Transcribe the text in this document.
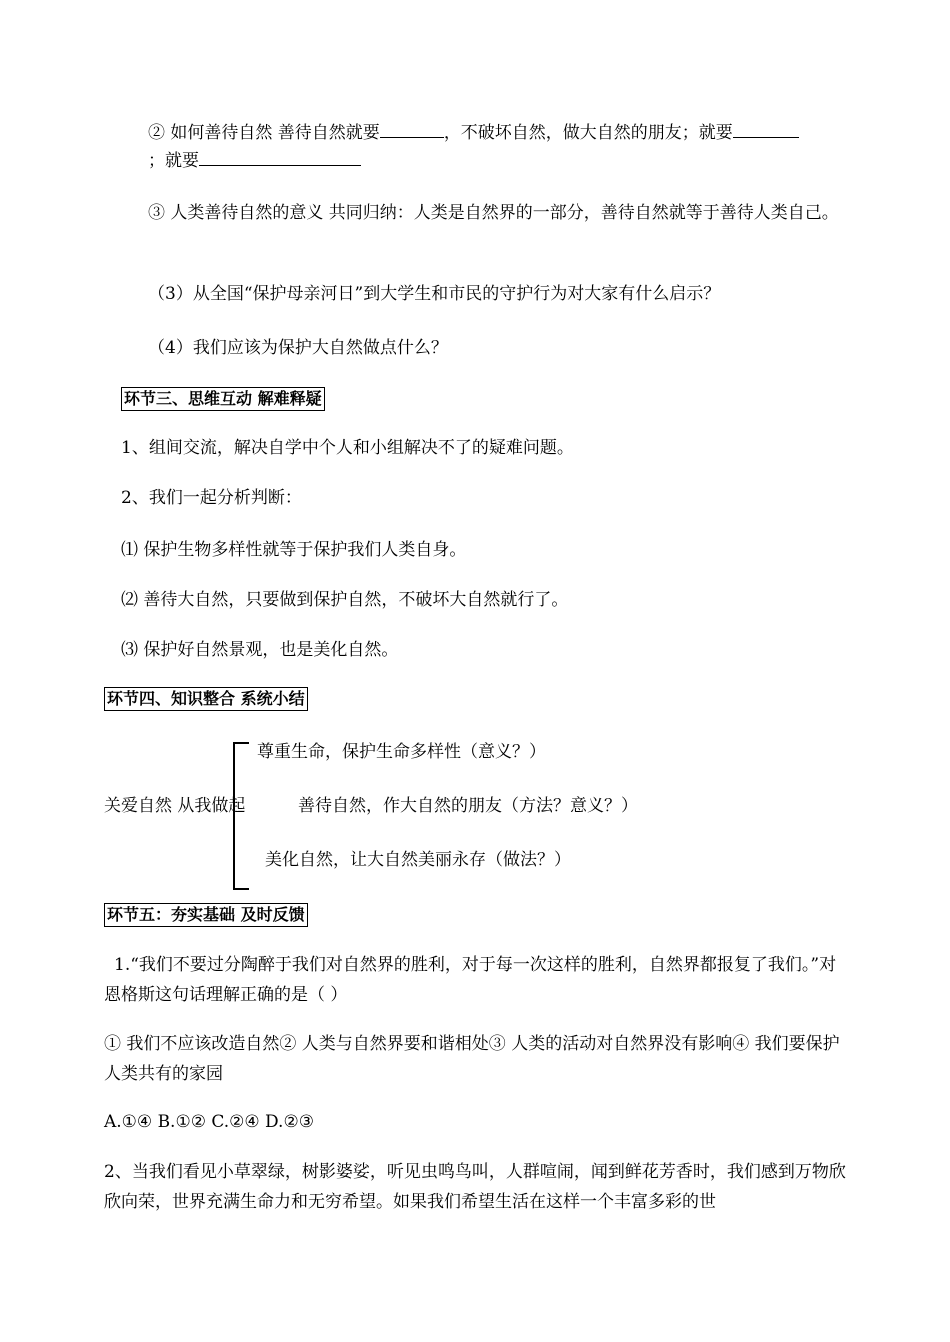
② 如何善待自然 善待自然就要	，不破坏自然，做大自然的朋友；就要

；就要

③ 人类善待自然的意义 共同归纳：人类是自然界的一部分，善待自然就等于善待人类自己。

（3）从全国“保护母亲河日”到大学生和市民的守护行为对大家有什么启示？

（4）我们应该为保护大自然做点什么？

环节三、思维互动 解难释疑

1、组间交流，解决自学中个人和小组解决不了的疑难问题。

2、我们一起分析判断：

⑴ 保护生物多样性就等于保护我们人类自身。

⑵ 善待大自然，只要做到保护自然，不破坏大自然就行了。

⑶ 保护好自然景观，也是美化自然。

环节四、知识整合 系统小结

尊重生命，保护生命多样性（意义？）

关爱自然 从我做起	善待自然，作大自然的朋友（方法？意义？）

美化自然，让大自然美丽永存（做法？）

环节五：夯实基础 及时反馈

1.“我们不要过分陶醉于我们对自然界的胜利，对于每一次这样的胜利，自然界都报复了我们。”对恩格斯这句话理解正确的是（ ）

① 我们不应该改造自然② 人类与自然界要和谐相处③ 人类的活动对自然界没有影响④ 我们要保护人类共有的家园

A.①④ B.①② C.②④ D.②③

2、当我们看见小草翠绿，树影婆娑，听见虫鸣鸟叫，人群喧闹，闻到鲜花芳香时，我们感到万物欣欣向荣，世界充满生命力和无穷希望。如果我们希望生活在这样一个丰富多彩的世
